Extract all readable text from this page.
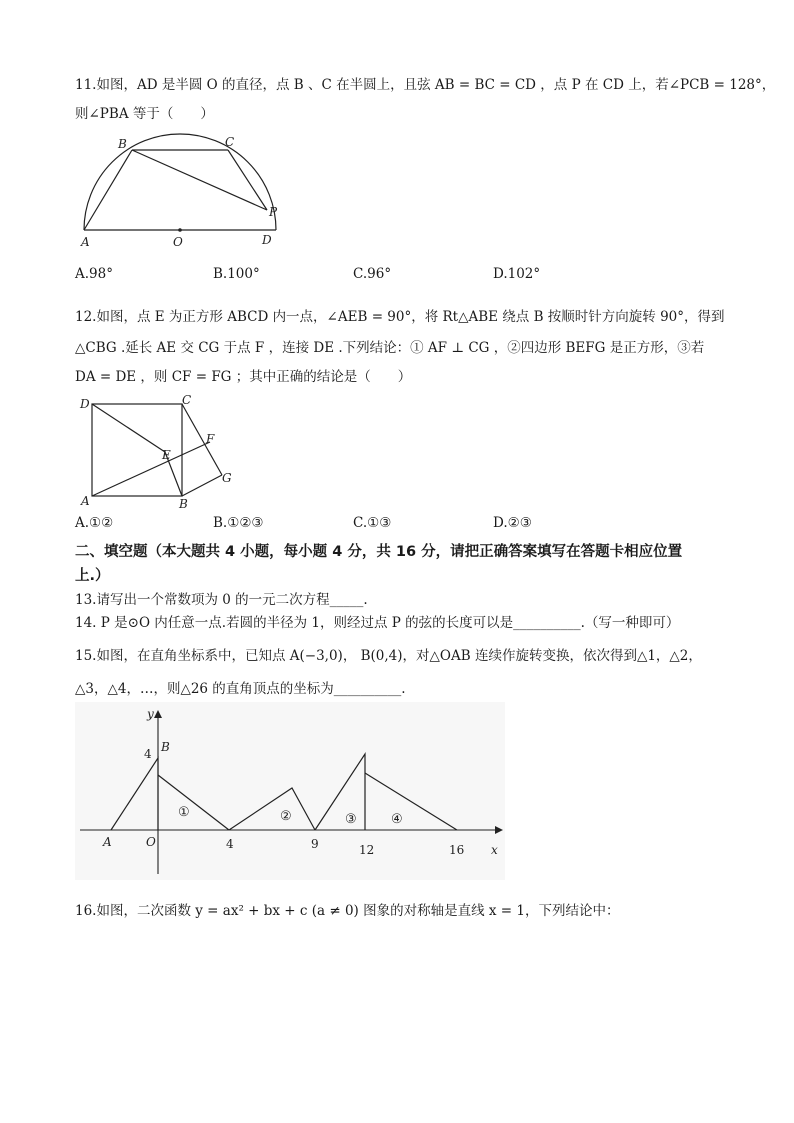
11.如图，AD 是半圆 O 的直径，点 B 、C 在半圆上，且弦 AB = BC = CD ，点 P 在 CD 上，若∠PCB = 128°，
则∠PBA 等于（　　）
B	C
P
A	O	D
A.98°	B.100°	C.96°	D.102°
12.如图，点 E 为正方形 ABCD 内一点，∠AEB = 90°，将 Rt△ABE 绕点 B 按顺时针方向旋转 90°，得到
△CBG .延长 AE 交 CG 于点 F ，连接 DE .下列结论：① AF ⊥ CG ，②四边形 BEFG 是正方形，③若
DA = DE ，则 CF = FG ；其中正确的结论是（　　）
D	C
F
E
G
A	B
A.①②	B.①②③	C.①③	D.②③
二、填空题（本大题共 4 小题，每小题 4 分，共 16 分，请把正确答案填写在答题卡相应位置
上.）
13.请写出一个常数项为 0 的一元二次方程_____.
14. P 是⊙O 内任意一点.若圆的半径为 1，则经过点 P 的弦的长度可以是__________.（写一种即可）
15.如图，在直角坐标系中，已知点 A(−3,0)， B(0,4)，对△OAB 连续作旋转变换，依次得到△1，△2，
△3，△4，…，则△26 的直角顶点的坐标为__________.
y
x
B
4
A	O	4	9	12	16
①	②	③	④
16.如图，二次函数 y = ax² + bx + c (a ≠ 0) 图象的对称轴是直线 x = 1，下列结论中：
